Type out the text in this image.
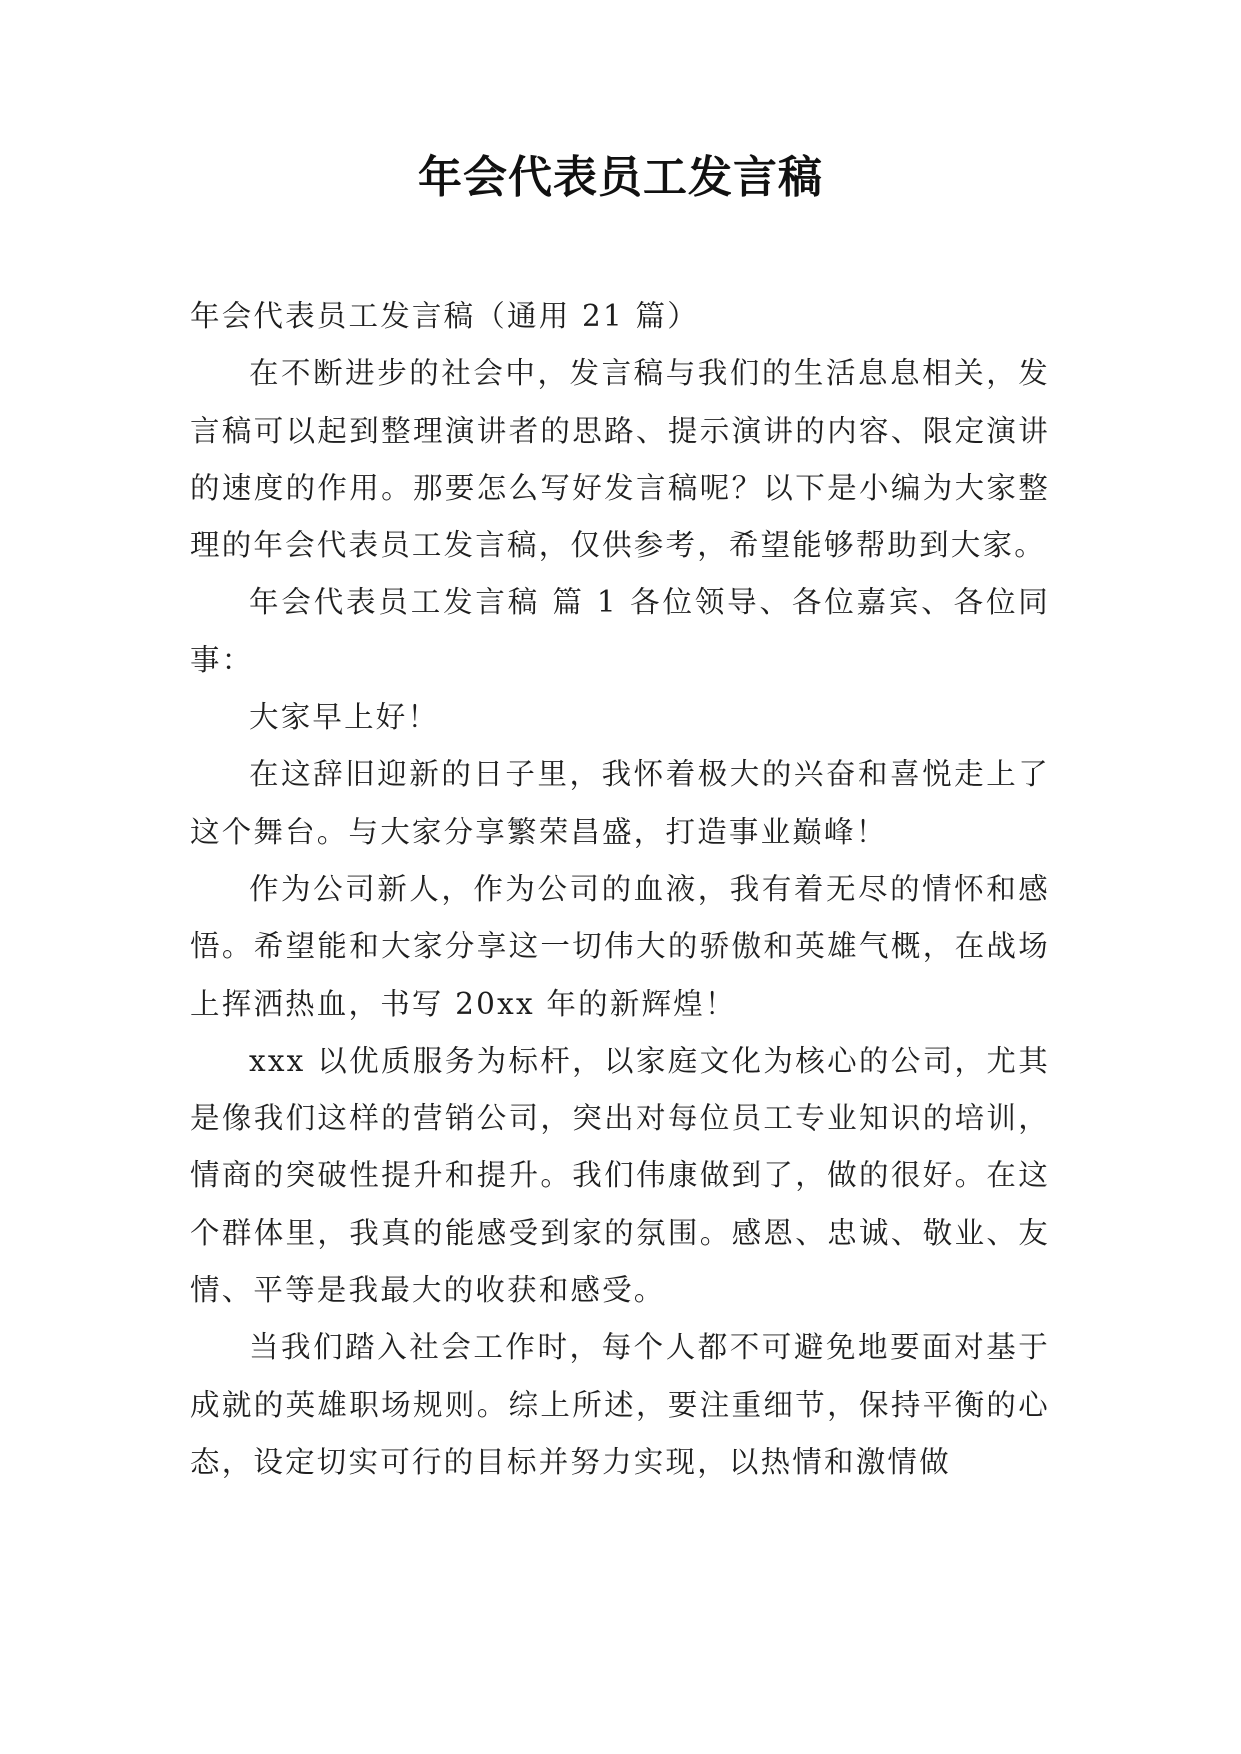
年会代表员工发言稿

年会代表员工发言稿（通用 21 篇）

在不断进步的社会中，发言稿与我们的生活息息相关，发言稿可以起到整理演讲者的思路、提示演讲的内容、限定演讲的速度的作用。那要怎么写好发言稿呢？以下是小编为大家整理的年会代表员工发言稿，仅供参考，希望能够帮助到大家。

年会代表员工发言稿 篇 1 各位领导、各位嘉宾、各位同事：

大家早上好！

在这辞旧迎新的日子里，我怀着极大的兴奋和喜悦走上了这个舞台。与大家分享繁荣昌盛，打造事业巅峰！

作为公司新人，作为公司的血液，我有着无尽的情怀和感悟。希望能和大家分享这一切伟大的骄傲和英雄气概，在战场上挥洒热血，书写 20xx 年的新辉煌！

xxx 以优质服务为标杆，以家庭文化为核心的公司，尤其是像我们这样的营销公司，突出对每位员工专业知识的培训，情商的突破性提升和提升。我们伟康做到了，做的很好。在这个群体里，我真的能感受到家的氛围。感恩、忠诚、敬业、友情、平等是我最大的收获和感受。

当我们踏入社会工作时，每个人都不可避免地要面对基于成就的英雄职场规则。综上所述，要注重细节，保持平衡的心态，设定切实可行的目标并努力实现，以热情和激情做
